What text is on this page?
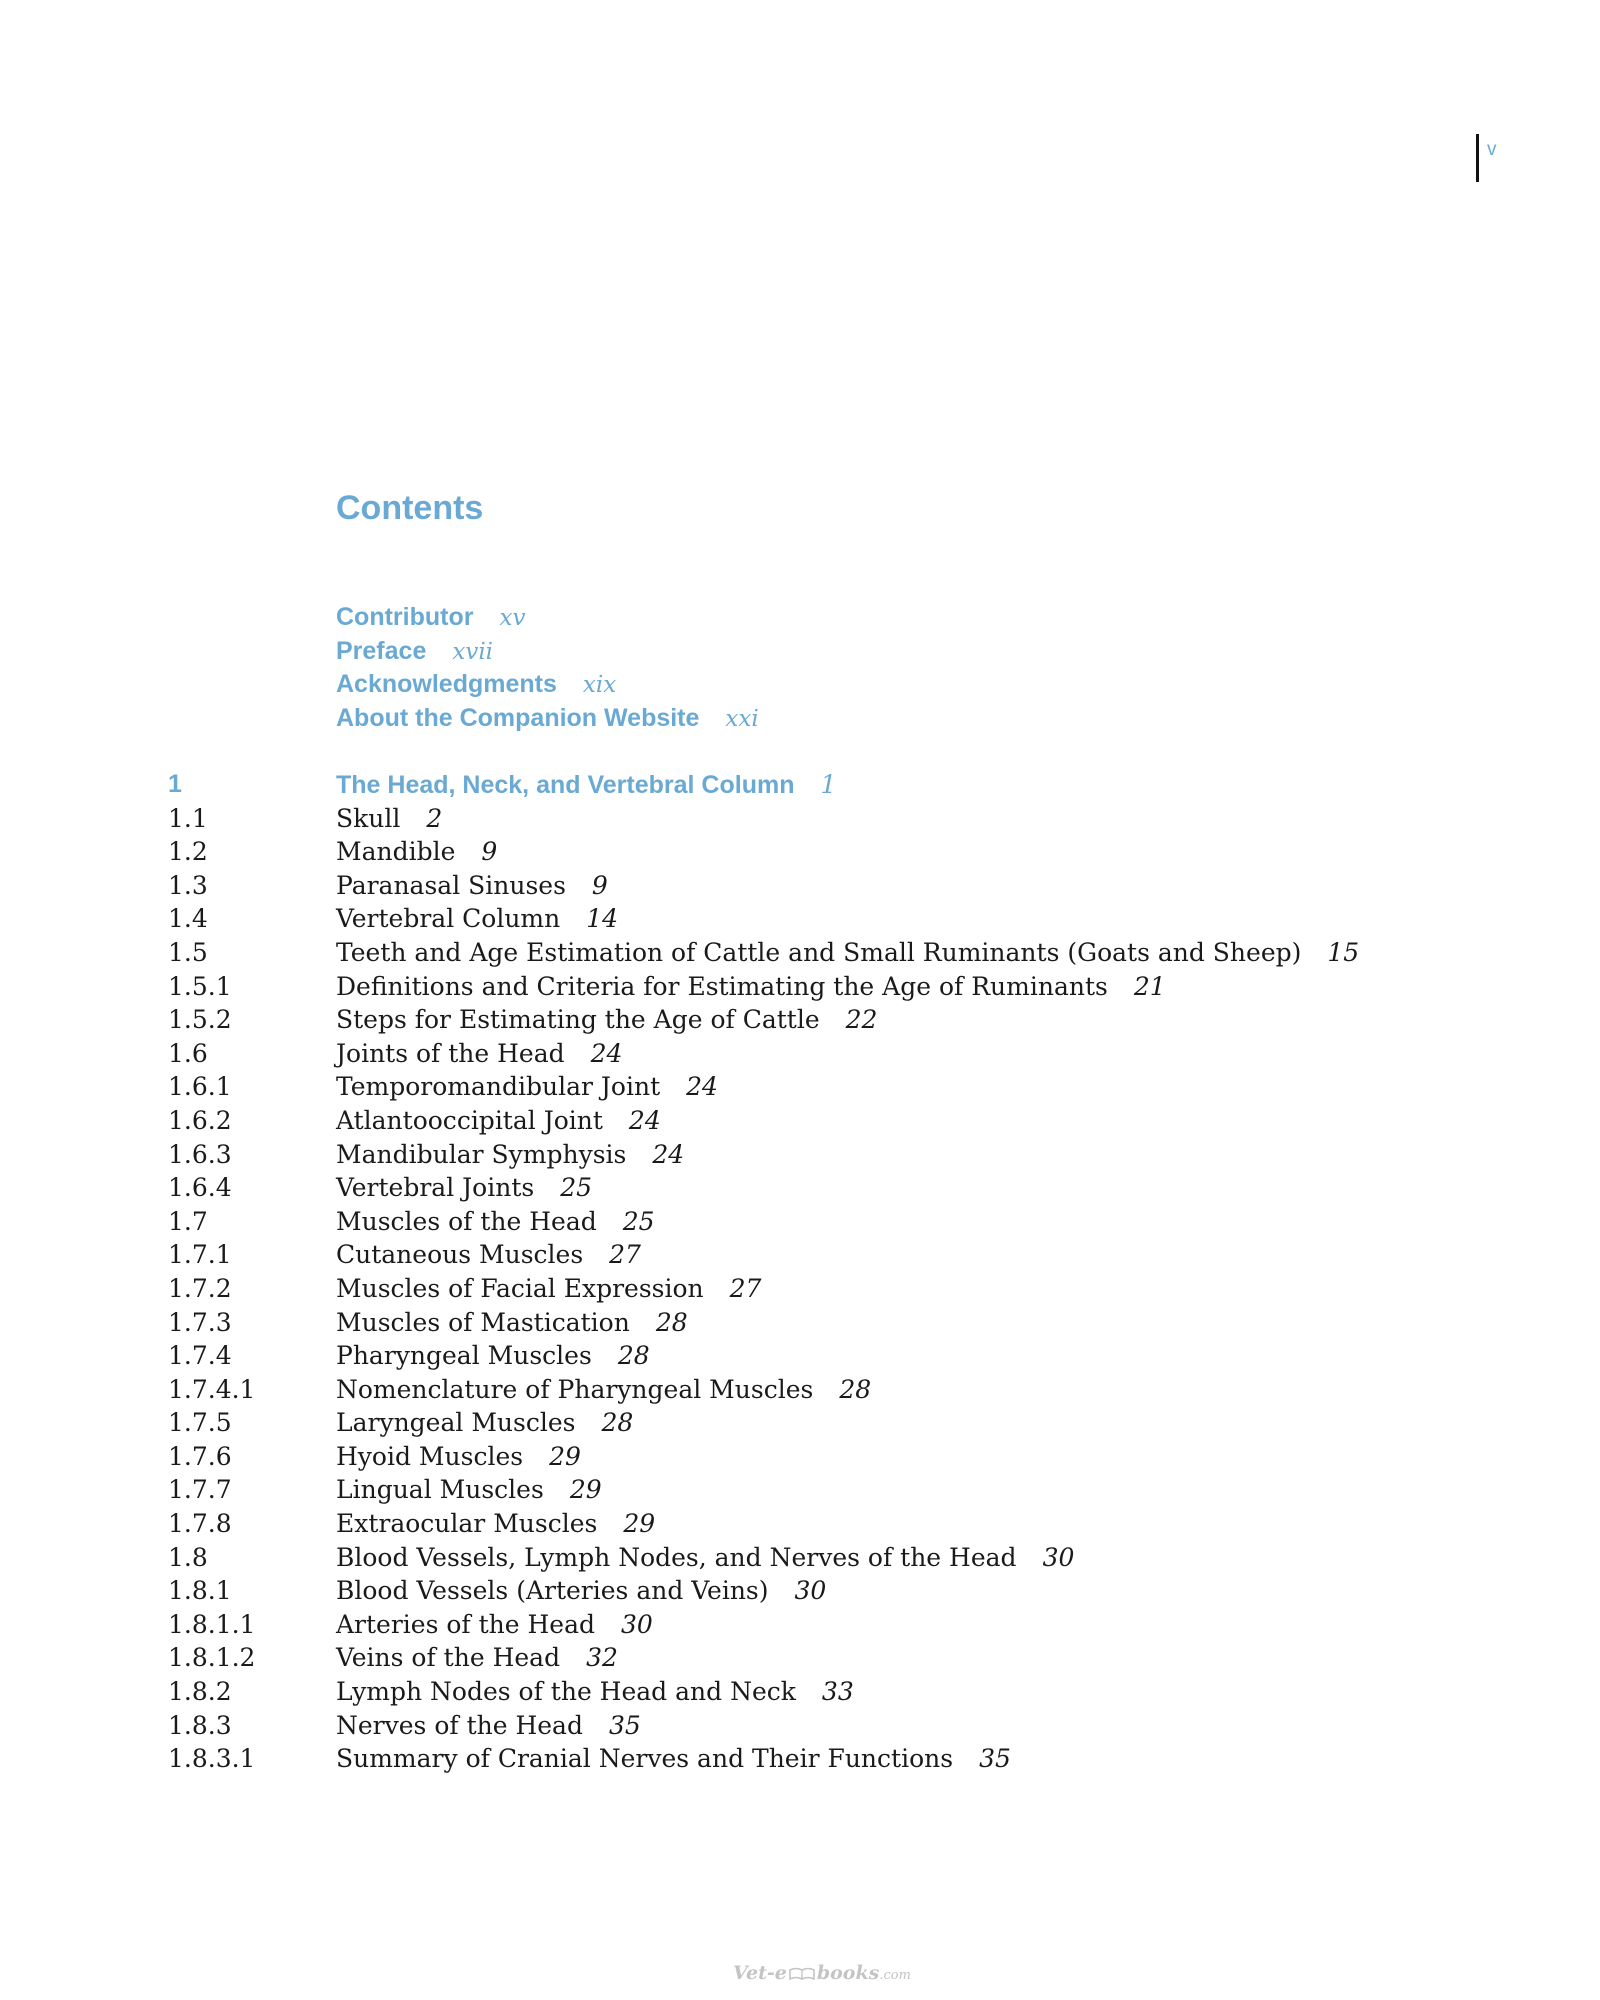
v
Contents
Contributor xv
Preface xvii
Acknowledgments xix
About the Companion Website xxi
1	The Head, Neck, and Vertebral Column 1
1.1	Skull 2
1.2	Mandible 9
1.3	Paranasal Sinuses 9
1.4	Vertebral Column 14
1.5	Teeth and Age Estimation of Cattle and Small Ruminants (Goats and Sheep) 15
1.5.1	Definitions and Criteria for Estimating the Age of Ruminants 21
1.5.2	Steps for Estimating the Age of Cattle 22
1.6	Joints of the Head 24
1.6.1	Temporomandibular Joint 24
1.6.2	Atlantooccipital Joint 24
1.6.3	Mandibular Symphysis 24
1.6.4	Vertebral Joints 25
1.7	Muscles of the Head 25
1.7.1	Cutaneous Muscles 27
1.7.2	Muscles of Facial Expression 27
1.7.3	Muscles of Mastication 28
1.7.4	Pharyngeal Muscles 28
1.7.4.1	Nomenclature of Pharyngeal Muscles 28
1.7.5	Laryngeal Muscles 28
1.7.6	Hyoid Muscles 29
1.7.7	Lingual Muscles 29
1.7.8	Extraocular Muscles 29
1.8	Blood Vessels, Lymph Nodes, and Nerves of the Head 30
1.8.1	Blood Vessels (Arteries and Veins) 30
1.8.1.1	Arteries of the Head 30
1.8.1.2	Veins of the Head 32
1.8.2	Lymph Nodes of the Head and Neck 33
1.8.3	Nerves of the Head 35
1.8.3.1	Summary of Cranial Nerves and Their Functions 35
Vet-e books.com
